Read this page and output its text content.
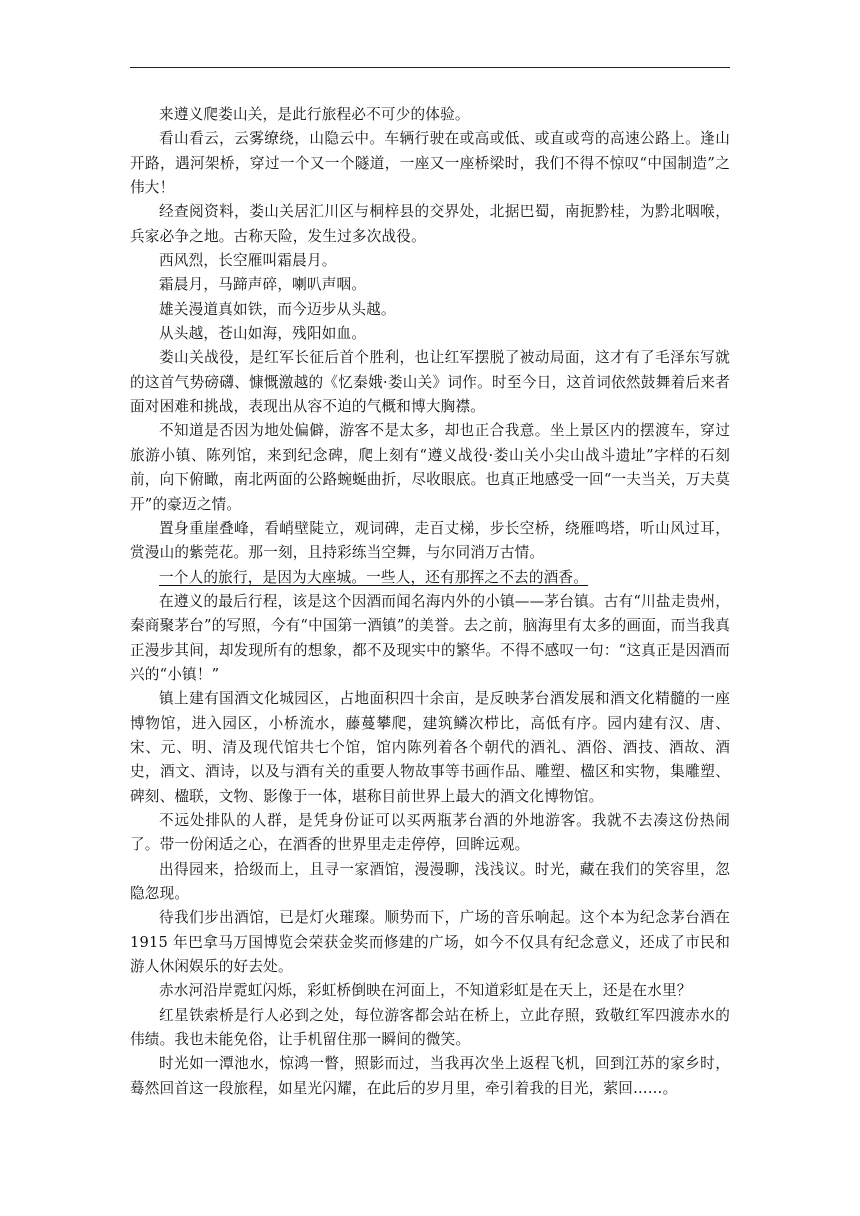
来遵义爬娄山关，是此行旅程必不可少的体验。

看山看云，云雾缭绕，山隐云中。车辆行驶在或高或低、或直或弯的高速公路上。逢山开路，遇河架桥，穿过一个又一个隧道，一座又一座桥梁时，我们不得不惊叹“中国制造”之伟大！

经查阅资料，娄山关居汇川区与桐梓县的交界处，北据巴蜀，南扼黔桂，为黔北咽喉，兵家必争之地。古称天险，发生过多次战役。

西风烈，长空雁叫霜晨月。

霜晨月，马蹄声碎，喇叭声咽。

雄关漫道真如铁，而今迈步从头越。

从头越，苍山如海，残阳如血。

娄山关战役，是红军长征后首个胜利，也让红军摆脱了被动局面，这才有了毛泽东写就的这首气势磅礴、慷慨激越的《忆秦娥·娄山关》词作。时至今日，这首词依然鼓舞着后来者面对困难和挑战，表现出从容不迫的气概和博大胸襟。

不知道是否因为地处偏僻，游客不是太多，却也正合我意。坐上景区内的摆渡车，穿过旅游小镇、陈列馆，来到纪念碑，爬上刻有“遵义战役·娄山关小尖山战斗遗址”字样的石刻前，向下俯瞰，南北两面的公路蜿蜒曲折，尽收眼底。也真正地感受一回“一夫当关，万夫莫开”的豪迈之情。

置身重崖叠峰，看峭壁陡立，观词碑，走百丈梯，步长空桥，绕雁鸣塔，听山风过耳，赏漫山的紫莞花。那一刻，且持彩练当空舞，与尔同消万古情。

一个人的旅行，是因为大座城。一些人，还有那挥之不去的酒香。

在遵义的最后行程，该是这个因酒而闻名海内外的小镇——茅台镇。古有“川盐走贵州，秦商聚茅台”的写照，今有“中国第一酒镇”的美誉。去之前，脑海里有太多的画面，而当我真正漫步其间，却发现所有的想象，都不及现实中的繁华。不得不感叹一句：“这真正是因酒而兴的“小镇！”

镇上建有国酒文化城园区，占地面积四十余亩，是反映茅台酒发展和酒文化精髓的一座博物馆，进入园区，小桥流水，藤蔓攀爬，建筑鳞次栉比，高低有序。园内建有汉、唐、宋、元、明、清及现代馆共七个馆，馆内陈列着各个朝代的酒礼、酒俗、酒技、酒故、酒史，酒文、酒诗，以及与酒有关的重要人物故事等书画作品、雕塑、楹区和实物，集雕塑、碑刻、楹联，文物、影像于一体，堪称目前世界上最大的酒文化博物馆。

不远处排队的人群，是凭身份证可以买两瓶茅台酒的外地游客。我就不去凑这份热闹了。带一份闲适之心，在酒香的世界里走走停停，回眸远观。

出得园来，拾级而上，且寻一家酒馆，漫漫聊，浅浅议。时光，藏在我们的笑容里，忽隐忽现。

待我们步出酒馆，已是灯火璀璨。顺势而下，广场的音乐响起。这个本为纪念茅台酒在 1915 年巴拿马万国博览会荣获金奖而修建的广场，如今不仅具有纪念意义，还成了市民和游人休闲娱乐的好去处。

赤水河沿岸霓虹闪烁，彩虹桥倒映在河面上，不知道彩虹是在天上，还是在水里？

红星铁索桥是行人必到之处，每位游客都会站在桥上，立此存照，致敬红军四渡赤水的伟绩。我也未能免俗，让手机留住那一瞬间的微笑。

时光如一潭池水，惊鸿一瞥，照影而过，当我再次坐上返程飞机，回到江苏的家乡时，蓦然回首这一段旅程，如星光闪耀，在此后的岁月里，牵引着我的目光，萦回……。
